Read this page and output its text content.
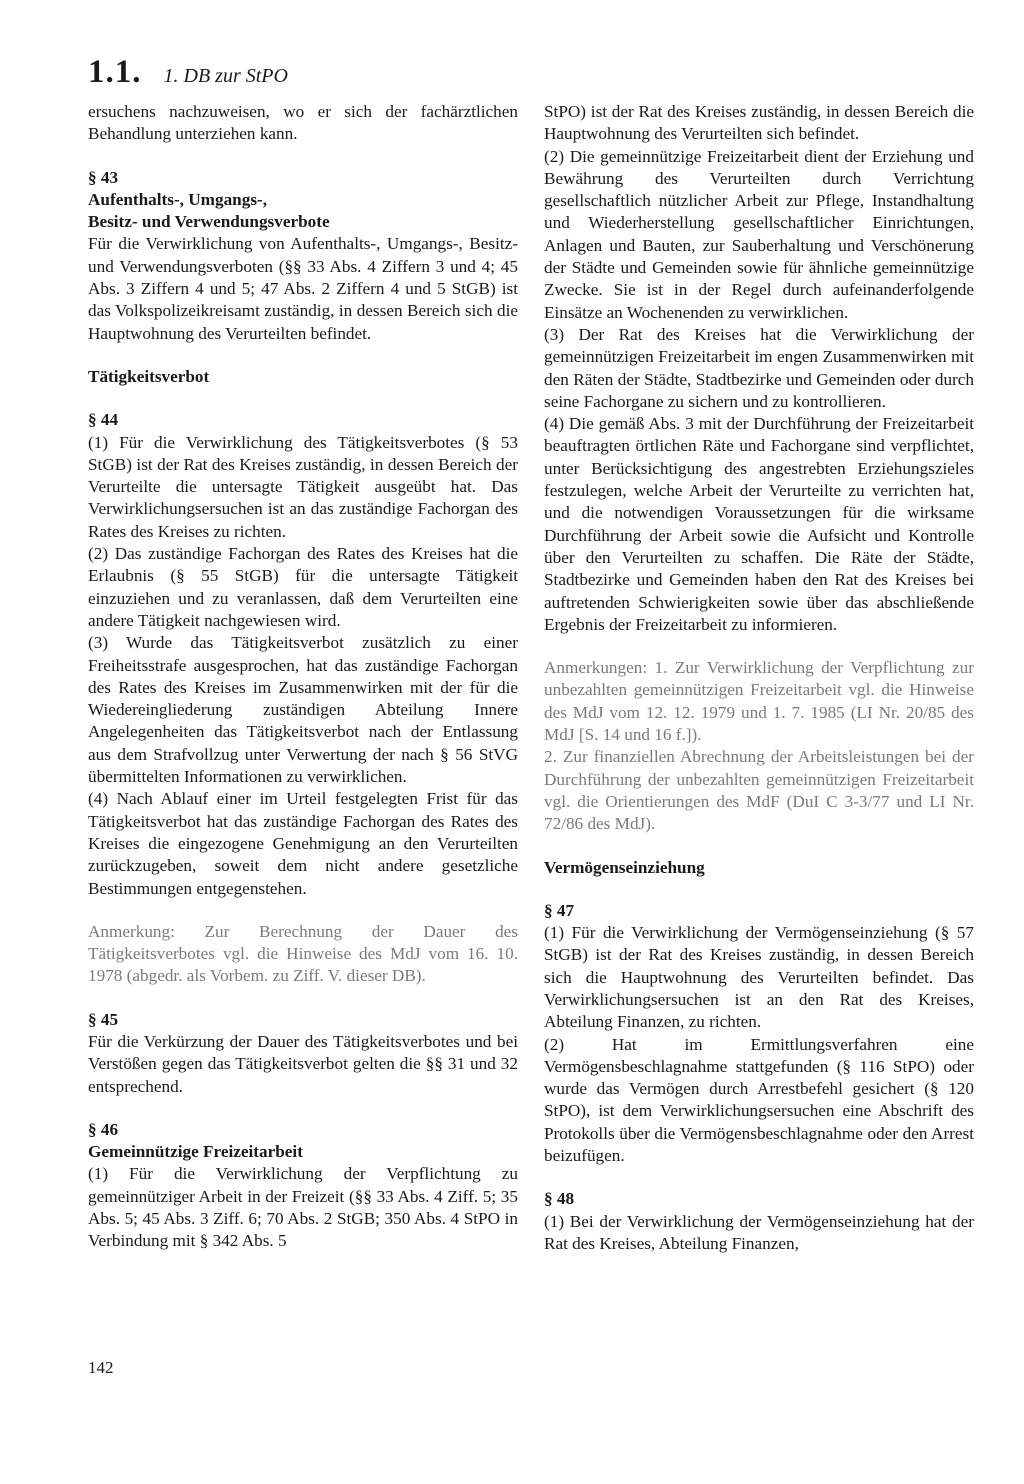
1.1. 1. DB zur StPO

ersuchens nachzuweisen, wo er sich der fachärztlichen Behandlung unterziehen kann.

§ 43

Aufenthalts-, Umgangs-,

Besitz- und Verwendungsverbote

Für die Verwirklichung von Aufenthalts-, Umgangs-, Besitz- und Verwendungsverboten (§§ 33 Abs. 4 Ziffern 3 und 4; 45 Abs. 3 Ziffern 4 und 5; 47 Abs. 2 Ziffern 4 und 5 StGB) ist das Volkspolizeikreisamt zuständig, in dessen Bereich sich die Hauptwohnung des Verurteilten befindet.

Tätigkeitsverbot

§ 44

(1) Für die Verwirklichung des Tätigkeitsverbotes (§ 53 StGB) ist der Rat des Kreises zuständig, in dessen Bereich der Verurteilte die untersagte Tätigkeit ausgeübt hat. Das Verwirklichungsersuchen ist an das zuständige Fachorgan des Rates des Kreises zu richten.

(2) Das zuständige Fachorgan des Rates des Kreises hat die Erlaubnis (§ 55 StGB) für die untersagte Tätigkeit einzuziehen und zu veranlassen, daß dem Verurteilten eine andere Tätigkeit nachgewiesen wird.

(3) Wurde das Tätigkeitsverbot zusätzlich zu einer Freiheitsstrafe ausgesprochen, hat das zuständige Fachorgan des Rates des Kreises im Zusammenwirken mit der für die Wiedereingliederung zuständigen Abteilung Innere Angelegenheiten das Tätigkeitsverbot nach der Entlassung aus dem Strafvollzug unter Verwertung der nach § 56 StVG übermittelten Informationen zu verwirklichen.

(4) Nach Ablauf einer im Urteil festgelegten Frist für das Tätigkeitsverbot hat das zuständige Fachorgan des Rates des Kreises die eingezogene Genehmigung an den Verurteilten zurückzugeben, soweit dem nicht andere gesetzliche Bestimmungen entgegenstehen.

Anmerkung: Zur Berechnung der Dauer des Tätigkeitsverbotes vgl. die Hinweise des MdJ vom 16. 10. 1978 (abgedr. als Vorbem. zu Ziff. V. dieser DB).

§ 45

Für die Verkürzung der Dauer des Tätigkeitsverbotes und bei Verstößen gegen das Tätigkeitsverbot gelten die §§ 31 und 32 entsprechend.

§ 46

Gemeinnützige Freizeitarbeit

(1) Für die Verwirklichung der Verpflichtung zu gemeinnütziger Arbeit in der Freizeit (§§ 33 Abs. 4 Ziff. 5; 35 Abs. 5; 45 Abs. 3 Ziff. 6; 70 Abs. 2 StGB; 350 Abs. 4 StPO in Verbindung mit § 342 Abs. 5

StPO) ist der Rat des Kreises zuständig, in dessen Bereich die Hauptwohnung des Verurteilten sich befindet.

(2) Die gemeinnützige Freizeitarbeit dient der Erziehung und Bewährung des Verurteilten durch Verrichtung gesellschaftlich nützlicher Arbeit zur Pflege, Instandhaltung und Wiederherstellung gesellschaftlicher Einrichtungen, Anlagen und Bauten, zur Sauberhaltung und Verschönerung der Städte und Gemeinden sowie für ähnliche gemeinnützige Zwecke. Sie ist in der Regel durch aufeinanderfolgende Einsätze an Wochenenden zu verwirklichen.

(3) Der Rat des Kreises hat die Verwirklichung der gemeinnützigen Freizeitarbeit im engen Zusammenwirken mit den Räten der Städte, Stadtbezirke und Gemeinden oder durch seine Fachorgane zu sichern und zu kontrollieren.

(4) Die gemäß Abs. 3 mit der Durchführung der Freizeitarbeit beauftragten örtlichen Räte und Fachorgane sind verpflichtet, unter Berücksichtigung des angestrebten Erziehungszieles festzulegen, welche Arbeit der Verurteilte zu verrichten hat, und die notwendigen Voraussetzungen für die wirksame Durchführung der Arbeit sowie die Aufsicht und Kontrolle über den Verurteilten zu schaffen. Die Räte der Städte, Stadtbezirke und Gemeinden haben den Rat des Kreises bei auftretenden Schwierigkeiten sowie über das abschließende Ergebnis der Freizeitarbeit zu informieren.

Anmerkungen: 1. Zur Verwirklichung der Verpflichtung zur unbezahlten gemeinnützigen Freizeitarbeit vgl. die Hinweise des MdJ vom 12. 12. 1979 und 1. 7. 1985 (LI Nr. 20/85 des MdJ [S. 14 und 16 f.]).

2. Zur finanziellen Abrechnung der Arbeitsleistungen bei der Durchführung der unbezahlten gemeinnützigen Freizeitarbeit vgl. die Orientierungen des MdF (DuI C 3-3/77 und LI Nr. 72/86 des MdJ).

Vermögenseinziehung

§ 47

(1) Für die Verwirklichung der Vermögenseinziehung (§ 57 StGB) ist der Rat des Kreises zuständig, in dessen Bereich sich die Hauptwohnung des Verurteilten befindet. Das Verwirklichungsersuchen ist an den Rat des Kreises, Abteilung Finanzen, zu richten.

(2) Hat im Ermittlungsverfahren eine Vermögensbeschlagnahme stattgefunden (§ 116 StPO) oder wurde das Vermögen durch Arrestbefehl gesichert (§ 120 StPO), ist dem Verwirklichungsersuchen eine Abschrift des Protokolls über die Vermögensbeschlagnahme oder den Arrest beizufügen.

§ 48

(1) Bei der Verwirklichung der Vermögenseinziehung hat der Rat des Kreises, Abteilung Finanzen,

142
